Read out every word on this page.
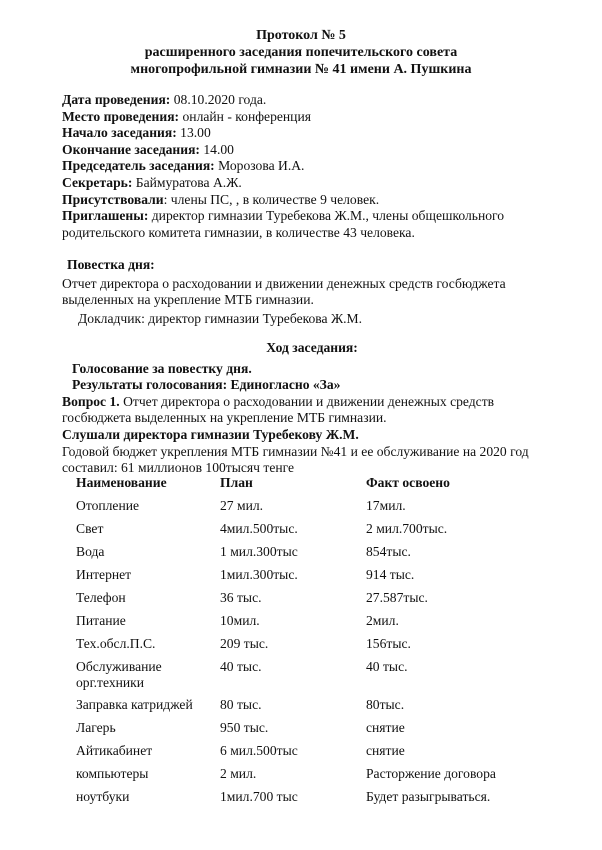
Протокол № 5
расширенного заседания попечительского совета
многопрофильной гимназии № 41 имени А. Пушкина
Дата проведения: 08.10.2020 года.
Место проведения: онлайн - конференция
Начало заседания: 13.00
Окончание заседания: 14.00
Председатель заседания: Морозова И.А.
Секретарь: Баймуратова А.Ж.
Присутствовали: члены ПС, , в количестве 9 человек.
Приглашены: директор гимназии Туребекова Ж.М., члены общешкольного родительского комитета гимназии, в количестве 43 человека.
Повестка дня:
Отчет директора о расходовании и движении денежных средств госбюджета выделенных на укрепление МТБ гимназии.
Докладчик: директор гимназии Туребекова Ж.М.
Ход заседания:
Голосование за повестку дня.
Результаты голосования: Единогласно «За»
Вопрос 1. Отчет директора о расходовании и движении денежных средств госбюджета выделенных на укрепление МТБ гимназии.
Слушали директора гимназии Туребекову Ж.М.
Годовой бюджет укрепления МТБ гимназии №41 и ее обслуживание на 2020 год составил: 61 миллионов 100тысяч тенге
Наименование	План	Факт освоено
Отопление	27 мил.	17мил.
Свет	4мил.500тыс.	2 мил.700тыс.
Вода	1 мил.300тыс	854тыс.
Интернет	1мил.300тыс.	914 тыс.
Телефон	36 тыс.	27.587тыс.
Питание	10мил.	2мил.
Тех.обсл.П.С.	209 тыс.	156тыс.
Обслуживание орг.техники	40 тыс.	40 тыс.
Заправка катриджей	80 тыс.	80тыс.
Лагерь	950 тыс.	снятие
Айтикабинет	6 мил.500тыс	снятие
компьютеры	2 мил.	Расторжение договора
ноутбуки	1мил.700 тыс	Будет разыгрываться.
